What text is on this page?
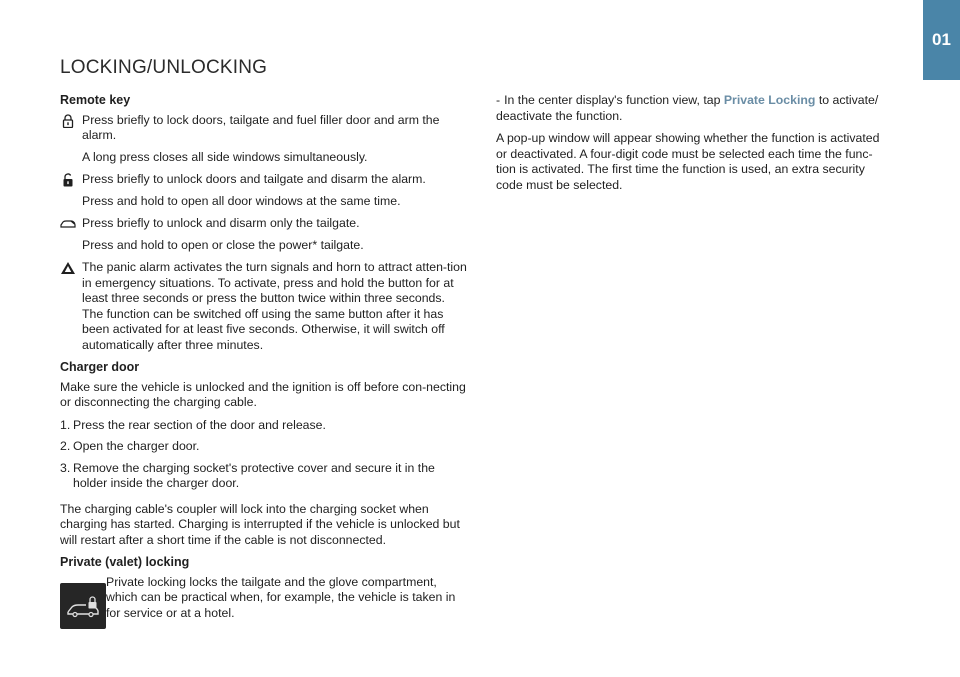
01
LOCKING/UNLOCKING
Remote key

Press briefly to lock doors, tailgate and fuel filler door and arm the alarm.

A long press closes all side windows simultaneously.

Press briefly to unlock doors and tailgate and disarm the alarm.

Press and hold to open all door windows at the same time.

Press briefly to unlock and disarm only the tailgate.

Press and hold to open or close the power* tailgate.

The panic alarm activates the turn signals and horn to attract atten-tion in emergency situations. To activate, press and hold the button for at least three seconds or press the button twice within three seconds. The function can be switched off using the same button after it has been activated for at least five seconds. Otherwise, it will switch off automatically after three minutes.

Charger door

Make sure the vehicle is unlocked and the ignition is off before con-necting or disconnecting the charging cable.

1. Press the rear section of the door and release.
2. Open the charger door.
3. Remove the charging socket's protective cover and secure it in the holder inside the charger door.

The charging cable's coupler will lock into the charging socket when charging has started. Charging is interrupted if the vehicle is unlocked but will restart after a short time if the cable is not disconnected.

Private (valet) locking

Private locking locks the tailgate and the glove compartment, which can be practical when, for example, the vehicle is taken in for service or at a hotel.

- In the center display's function view, tap Private Locking to activate/ deactivate the function.

A pop-up window will appear showing whether the function is activated or deactivated. A four-digit code must be selected each time the func-tion is activated. The first time the function is used, an extra security code must be selected.
